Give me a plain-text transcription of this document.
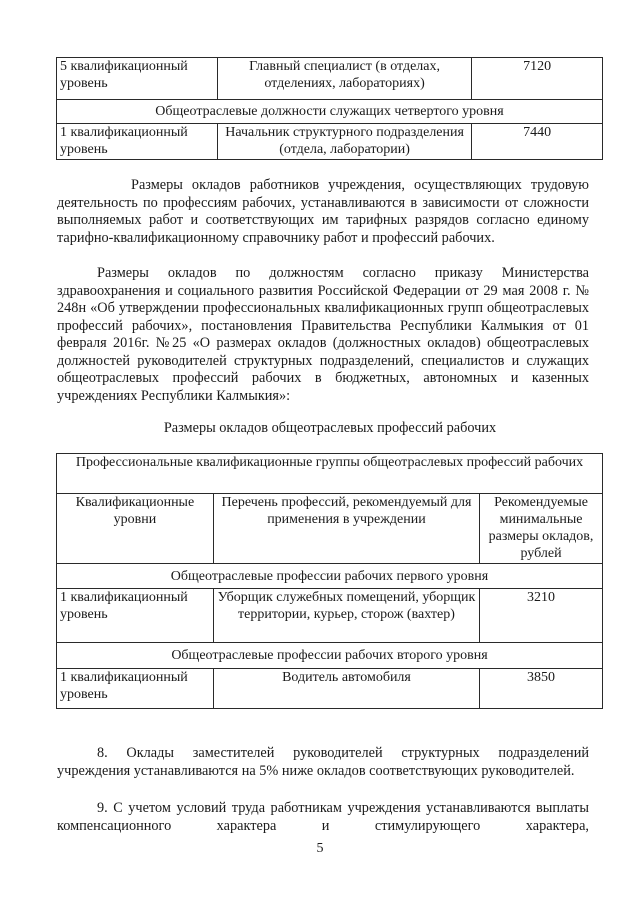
5 квалификационный уровень	Главный специалист (в отделах, отделениях, лабораториях)	7120
Общеотраслевые должности служащих четвертого уровня		
1 квалификационный уровень	Начальник структурного подразделения (отдела, лаборатории)	7440

Размеры окладов работников учреждения, осуществляющих трудовую деятельность по профессиям рабочих, устанавливаются в зависимости от сложности выполняемых работ и соответствующих им тарифных разрядов согласно единому тарифно-квалификационному справочнику работ и профессий рабочих.

Размеры окладов по должностям согласно приказу Министерства здравоохранения и социального развития Российской Федерации от 29 мая 2008 г. № 248н «Об утверждении профессиональных квалификационных групп общеотраслевых профессий рабочих», постановления Правительства Республики Калмыкия от 01 февраля 2016г. №25 «О размерах окладов (должностных окладов) общеотраслевых должностей руководителей структурных подразделений, специалистов и служащих общеотраслевых профессий рабочих в бюджетных, автономных и казенных учреждениях Республики Калмыкия»:

Размеры окладов общеотраслевых профессий рабочих

Профессиональные квалификационные группы общеотраслевых профессий рабочих		
Квалификационные уровни	Перечень профессий, рекомендуемый для применения в учреждении	Рекомендуемые минимальные размеры окладов, рублей
Общеотраслевые профессии рабочих первого уровня		
1 квалификационный уровень	Уборщик служебных помещений, уборщик территории, курьер, сторож (вахтер)	3210
Общеотраслевые профессии рабочих второго уровня		
1 квалификационный уровень	Водитель автомобиля	3850

8. Оклады заместителей руководителей структурных подразделений учреждения устанавливаются на 5% ниже окладов соответствующих руководителей.

9. С учетом условий труда работникам учреждения устанавливаются выплаты компенсационного характера и стимулирующего характера,

5
